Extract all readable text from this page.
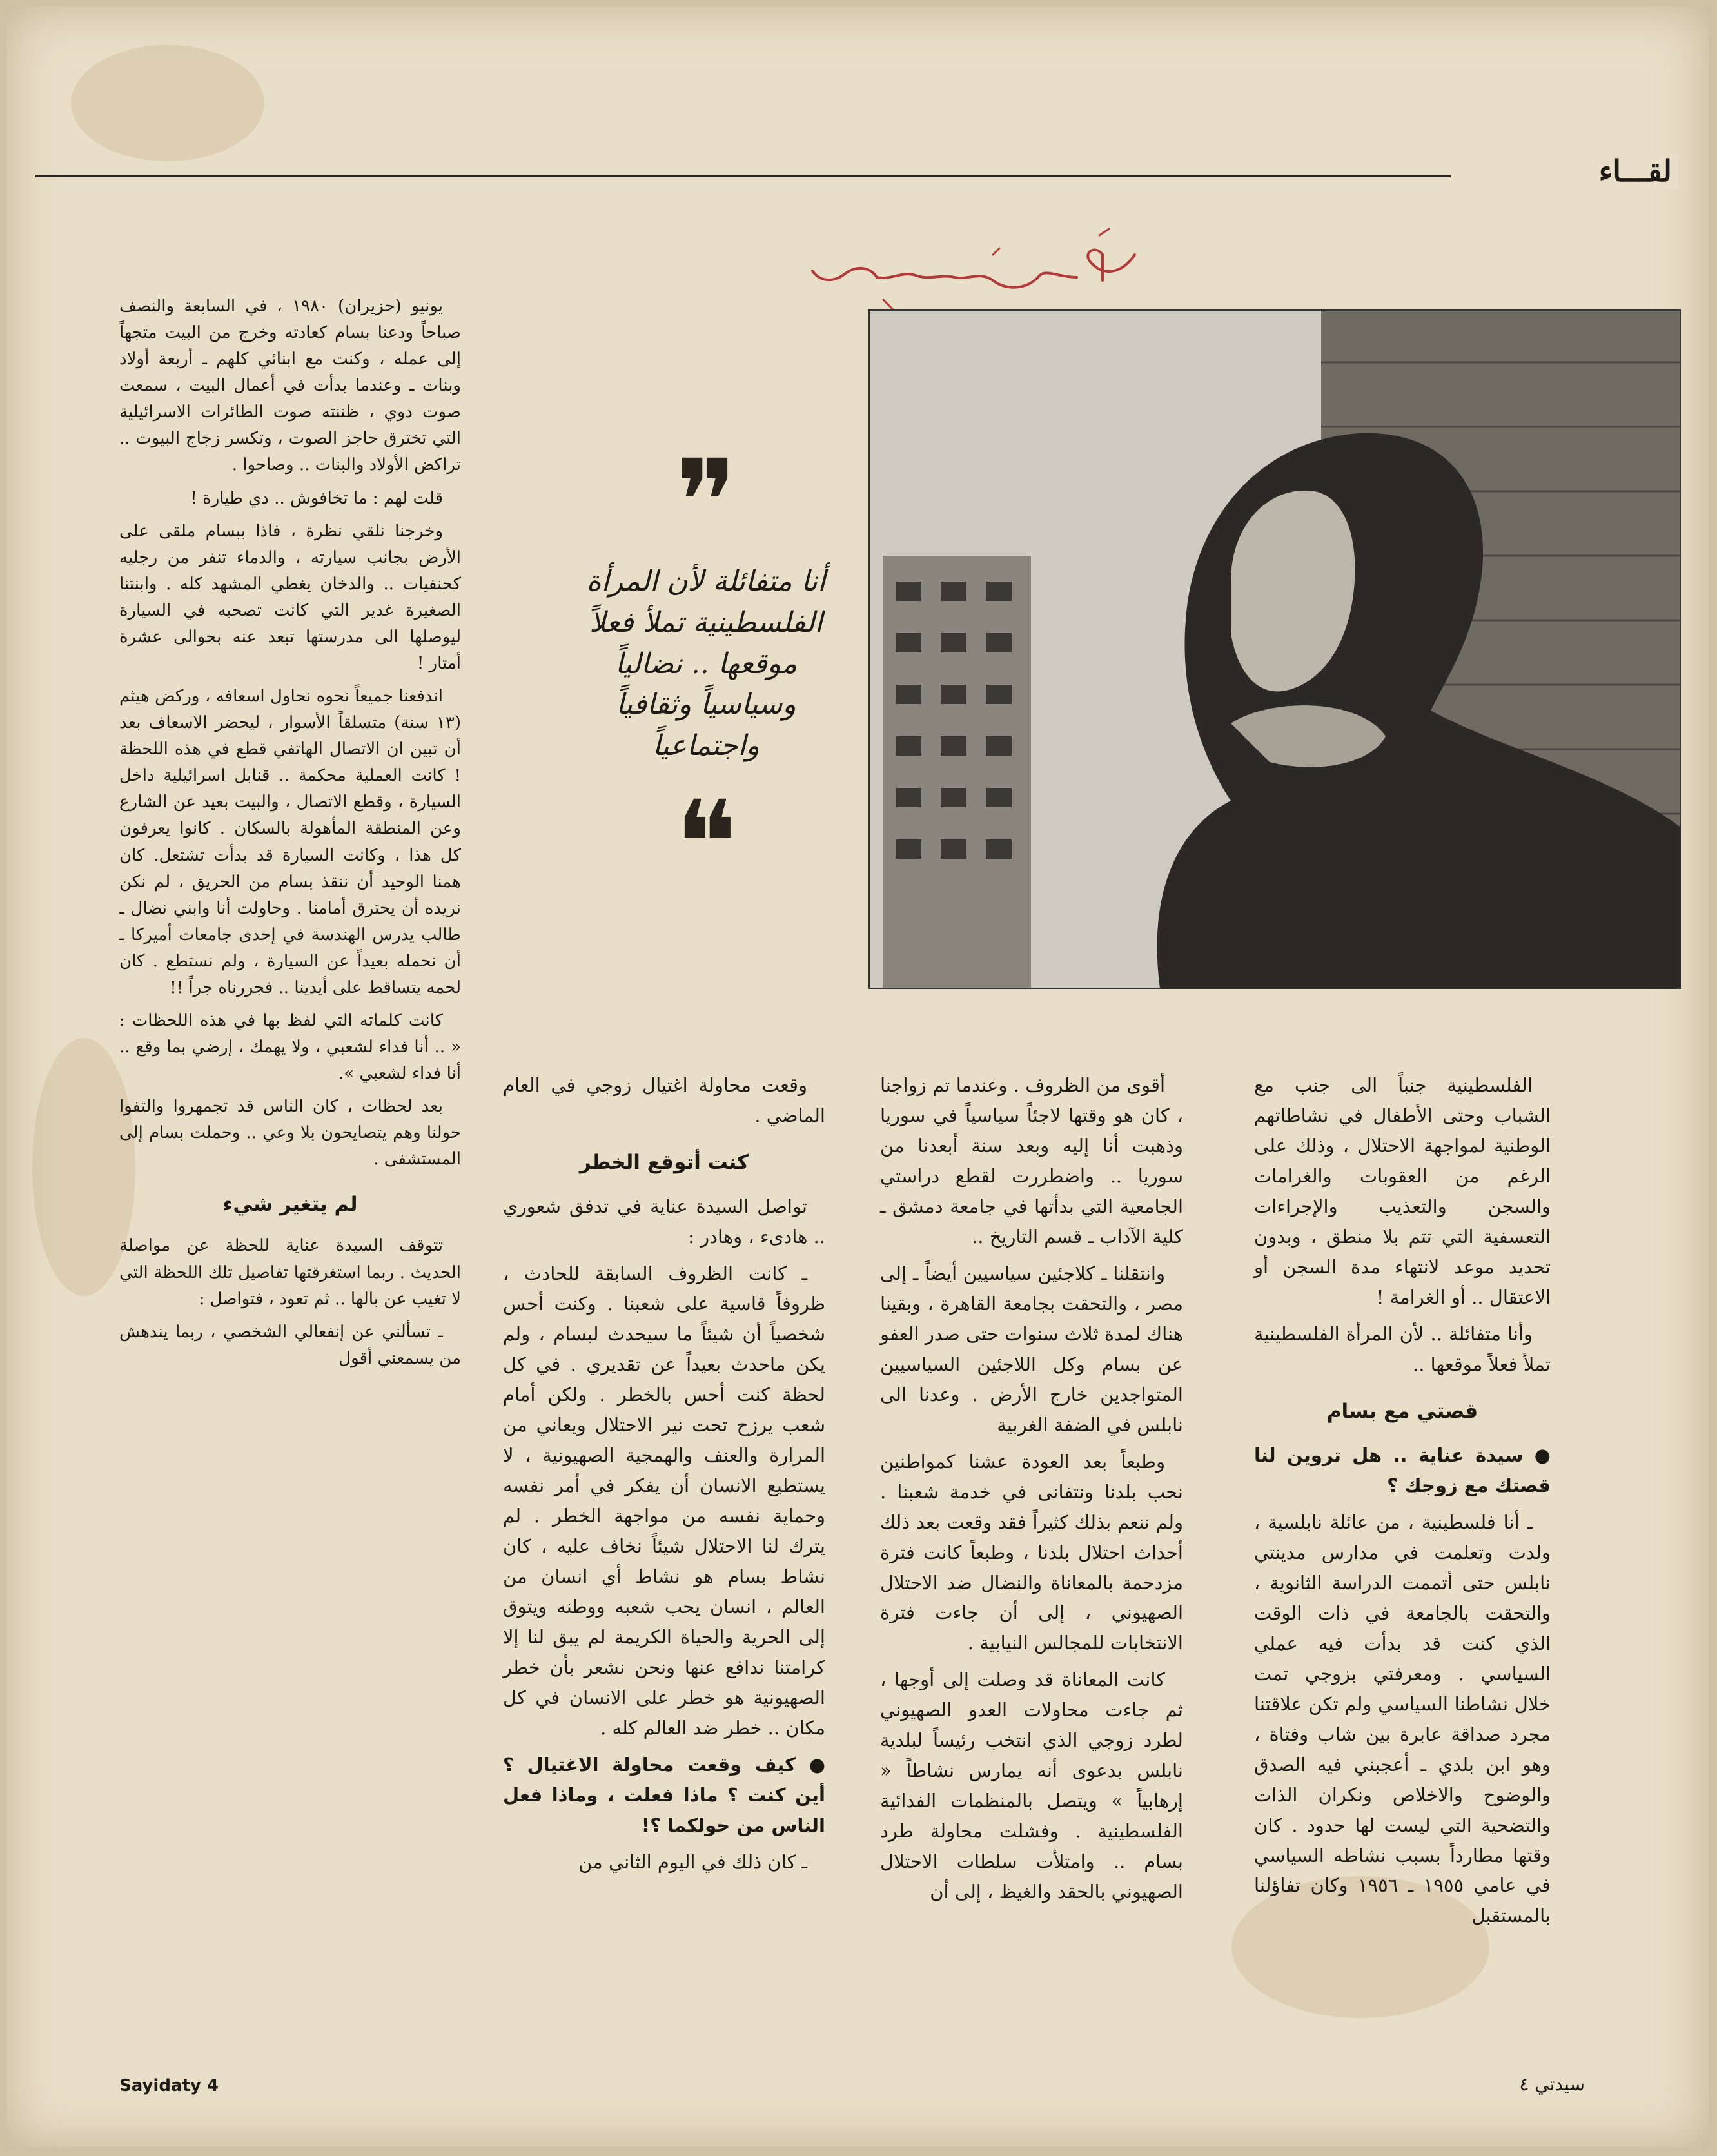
لقـــاء
❞
أنا متفائلة لأن المرأة الفلسطينية تملأ فعلاً موقعها .. نضالياً وسياسياً وثقافياً واجتماعياً
❝

الفلسطينية جنباً الى جنب مع الشباب وحتى الأطفال في نشاطاتهم الوطنية لمواجهة الاحتلال ، وذلك على الرغم من العقوبات والغرامات والسجن والتعذيب والإجراءات التعسفية التي تتم بلا منطق ، وبدون تحديد موعد لانتهاء مدة السجن أو الاعتقال .. أو الغرامة !

وأنا متفائلة .. لأن المرأة الفلسطينية تملأ فعلاً موقعها ..

قصتي مع بسام

● سيدة عناية .. هل تروين لنا قصتك مع زوجك ؟

ـ أنا فلسطينية ، من عائلة نابلسية ، ولدت وتعلمت في مدارس مدينتي نابلس حتى أتممت الدراسة الثانوية ، والتحقت بالجامعة في ذات الوقت الذي كنت قد بدأت فيه عملي السياسي . ومعرفتي بزوجي تمت خلال نشاطنا السياسي ولم تكن علاقتنا مجرد صداقة عابرة بين شاب وفتاة ، وهو ابن بلدي ـ أعجبني فيه الصدق والوضوح والاخلاص ونكران الذات والتضحية التي ليست لها حدود . كان وقتها مطارداً بسبب نشاطه السياسي في عامي ١٩٥٥ ـ ١٩٥٦ وكان تفاؤلنا بالمستقبل

أقوى من الظروف . وعندما تم زواجنا ، كان هو وقتها لاجئاً سياسياً في سوريا وذهبت أنا إليه وبعد سنة أبعدنا من سوريا .. واضطررت لقطع دراستي الجامعية التي بدأتها في جامعة دمشق ـ كلية الآداب ـ قسم التاريخ ..

وانتقلنا ـ كلاجئين سياسيين أيضاً ـ إلى مصر ، والتحقت بجامعة القاهرة ، وبقينا هناك لمدة ثلاث سنوات حتى صدر العفو عن بسام وكل اللاجئين السياسيين المتواجدين خارج الأرض . وعدنا الى نابلس في الضفة الغربية

وطبعاً بعد العودة عشنا كمواطنين نحب بلدنا ونتفانى في خدمة شعبنا . ولم ننعم بذلك كثيراً فقد وقعت بعد ذلك أحداث احتلال بلدنا ، وطبعاً كانت فترة مزدحمة بالمعاناة والنضال ضد الاحتلال الصهيوني ، إلى أن جاءت فترة الانتخابات للمجالس النيابية .

كانت المعاناة قد وصلت إلى أوجها ، ثم جاءت محاولات العدو الصهيوني لطرد زوجي الذي انتخب رئيساً لبلدية نابلس بدعوى أنه يمارس نشاطاً « إرهابياً » ويتصل بالمنظمات الفدائية الفلسطينية . وفشلت محاولة طرد بسام .. وامتلأت سلطات الاحتلال الصهيوني بالحقد والغيظ ، إلى أن

وقعت محاولة اغتيال زوجي في العام الماضي .

كنت أتوقع الخطر

تواصل السيدة عناية في تدفق شعوري .. هادىء ، وهادر :

ـ كانت الظروف السابقة للحادث ، ظروفاً قاسية على شعبنا . وكنت أحس شخصياً أن شيئاً ما سيحدث لبسام ، ولم يكن ماحدث بعيداً عن تقديري . في كل لحظة كنت أحس بالخطر . ولكن أمام شعب يرزح تحت نير الاحتلال ويعاني من المرارة والعنف والهمجية الصهيونية ، لا يستطيع الانسان أن يفكر في أمر نفسه وحماية نفسه من مواجهة الخطر . لم يترك لنا الاحتلال شيئاً نخاف عليه ، كان نشاط بسام هو نشاط أي انسان من العالم ، انسان يحب شعبه ووطنه ويتوق إلى الحرية والحياة الكريمة لم يبق لنا إلا كرامتنا ندافع عنها ونحن نشعر بأن خطر الصهيونية هو خطر على الانسان في كل مكان .. خطر ضد العالم كله .

● كيف وقعت محاولة الاغتيال ؟ أين كنت ؟ ماذا فعلت ، وماذا فعل الناس من حولكما ؟!

ـ كان ذلك في اليوم الثاني من

يونيو (حزيران) ١٩٨٠ ، في السابعة والنصف صباحاً ودعنا بسام كعادته وخرج من البيت متجهاً إلى عمله ، وكنت مع ابنائي كلهم ـ أربعة أولاد وبنات ـ وعندما بدأت في أعمال البيت ، سمعت صوت دوي ، ظننته صوت الطائرات الاسرائيلية التي تخترق حاجز الصوت ، وتكسر زجاج البيوت .. تراكض الأولاد والبنات .. وصاحوا .

قلت لهم : ما تخافوش .. دي طيارة !

وخرجنا نلقي نظرة ، فاذا ببسام ملقى على الأرض بجانب سيارته ، والدماء تنفر من رجليه كحنفيات .. والدخان يغطي المشهد كله . وابنتنا الصغيرة غدير التي كانت تصحبه في السيارة ليوصلها الى مدرستها تبعد عنه بحوالى عشرة أمتار !

اندفعنا جميعاً نحوه نحاول اسعافه ، وركض هيثم (١٣ سنة) متسلقاً الأسوار ، ليحضر الاسعاف بعد أن تبين ان الاتصال الهاتفي قطع في هذه اللحظة ! كانت العملية محكمة .. قنابل اسرائيلية داخل السيارة ، وقطع الاتصال ، والبيت بعيد عن الشارع وعن المنطقة المأهولة بالسكان . كانوا يعرفون كل هذا ، وكانت السيارة قد بدأت تشتعل. كان همنا الوحيد أن ننقذ بسام من الحريق ، لم نكن نريده أن يحترق أمامنا . وحاولت أنا وابني نضال ـ طالب يدرس الهندسة في إحدى جامعات أميركا ـ أن نحمله بعيداً عن السيارة ، ولم نستطع . كان لحمه يتساقط على أيدينا .. فجررناه جراً !!

كانت كلماته التي لفظ بها في هذه اللحظات : « .. أنا فداء لشعبي ، ولا يهمك ، إرضي بما وقع .. أنا فداء لشعبي ».

بعد لحظات ، كان الناس قد تجمهروا والتفوا حولنا وهم يتصايحون بلا وعي .. وحملت بسام إلى المستشفى .

لم يتغير شيء

تتوقف السيدة عناية للحظة عن مواصلة الحديث . ربما استغرقتها تفاصيل تلك اللحظة التي لا تغيب عن بالها .. ثم تعود ، فتواصل :

ـ تسألني عن إنفعالي الشخصي ، ربما يندهش من يسمعني أقول

Sayidaty 4	سيدتي ٤
